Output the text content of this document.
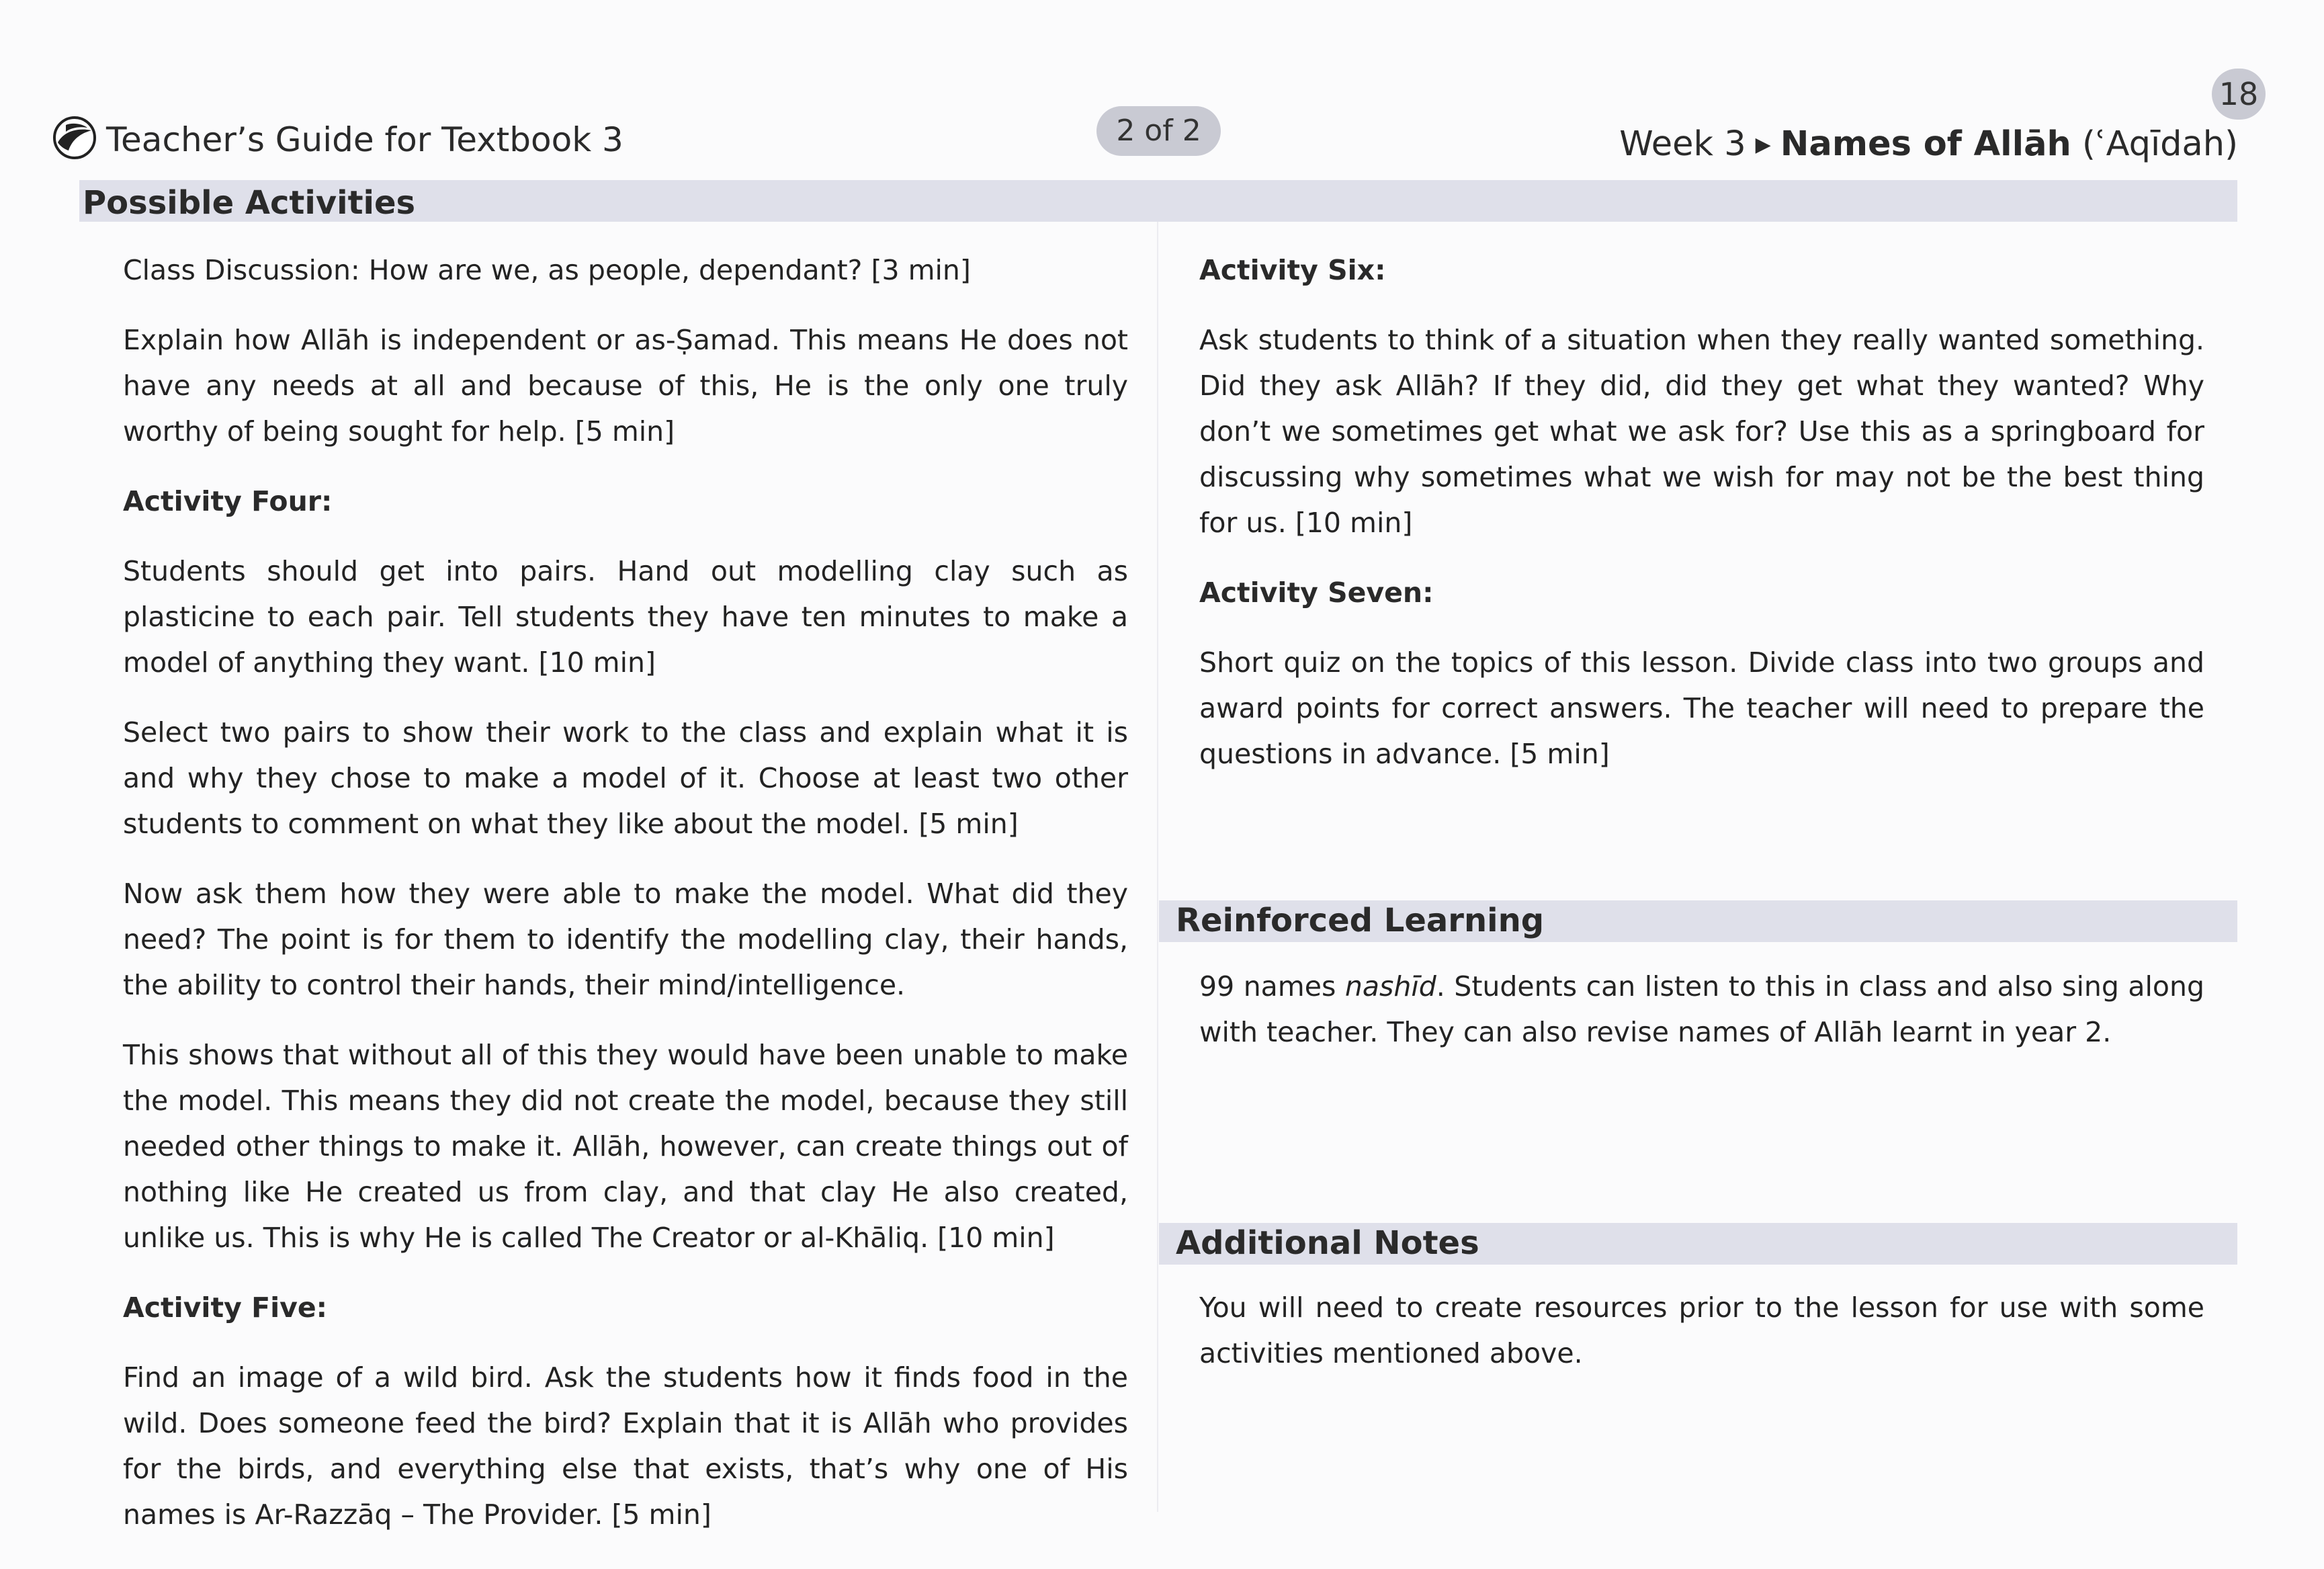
Teacher’s Guide for Textbook 3	2 of 2
18
Week 3 ▶ Names of Allāh (ʿAqīdah)
Possible Activities

Class Discussion: How are we, as people, dependant? [3 min]

Explain how Allāh is independent or as-Ṣamad. This means He does not have any needs at all and because of this, He is the only one truly worthy of being sought for help. [5 min]

Activity Four:

Students should get into pairs. Hand out modelling clay such as plasticine to each pair. Tell students they have ten minutes to make a model of anything they want. [10 min]

Select two pairs to show their work to the class and explain what it is and why they chose to make a model of it. Choose at least two other students to comment on what they like about the model. [5 min]

Now ask them how they were able to make the model. What did they need? The point is for them to identify the modelling clay, their hands, the ability to control their hands, their mind/intelligence.

This shows that without all of this they would have been unable to make the model. This means they did not create the model, because they still needed other things to make it. Allāh, however, can create things out of nothing like He created us from clay, and that clay He also created, unlike us. This is why He is called The Creator or al-Khāliq. [10 min]

Activity Five:

Find an image of a wild bird. Ask the students how it finds food in the wild. Does someone feed the bird? Explain that it is Allāh who provides for the birds, and everything else that exists, that’s why one of His names is Ar-Razzāq – The Provider. [5 min]

Activity Six:

Ask students to think of a situation when they really wanted something. Did they ask Allāh? If they did, did they get what they wanted? Why don’t we sometimes get what we ask for? Use this as a springboard for discussing why sometimes what we wish for may not be the best thing for us. [10 min]

Activity Seven:

Short quiz on the topics of this lesson. Divide class into two groups and award points for correct answers. The teacher will need to prepare the questions in advance. [5 min]

Reinforced Learning

99 names nashīd. Students can listen to this in class and also sing along with teacher. They can also revise names of Allāh learnt in year 2.

Additional Notes

You will need to create resources prior to the lesson for use with some activities mentioned above.
